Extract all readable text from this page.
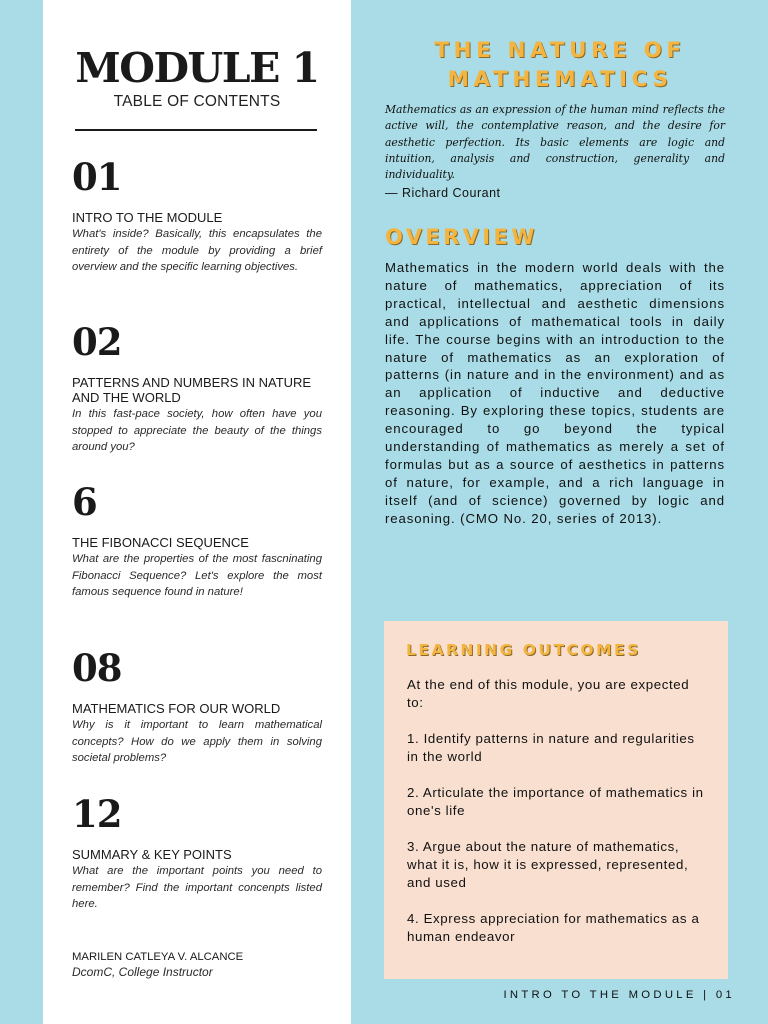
MODULE 1
TABLE OF CONTENTS
01
INTRO TO THE MODULE
What's inside? Basically, this encapsulates the entirety of the module by providing a brief overview and the specific learning objectives.
02
PATTERNS AND NUMBERS IN NATURE AND THE WORLD
In this fast-pace society, how often have you stopped to appreciate the beauty of the things around you?
6
THE FIBONACCI SEQUENCE
What are the properties of the most fascninating Fibonacci Sequence? Let's explore the most famous sequence found in nature!
08
MATHEMATICS FOR OUR WORLD
Why is it important to learn mathematical concepts? How do we apply them in solving societal problems?
12
SUMMARY & KEY POINTS
What are the important points you need to remember? Find the important concenpts listed here.
MARILEN CATLEYA V. ALCANCE
DcomC, College Instructor
THE NATURE OF
MATHEMATICS
Mathematics as an expression of the human mind reflects the active will, the contemplative reason, and the desire for aesthetic perfection. Its basic elements are logic and intuition, analysis and construction, generality and individuality.
— Richard Courant
OVERVIEW
Mathematics in the modern world deals with the nature of mathematics, appreciation of its practical, intellectual and aesthetic dimensions and applications of mathematical tools in daily life. The course begins with an introduction to the nature of mathematics as an exploration of patterns (in nature and in the environment) and as an application of inductive and deductive reasoning. By exploring these topics, students are encouraged to go beyond the typical understanding of mathematics as merely a set of formulas but as a source of aesthetics in patterns of nature, for example, and a rich language in itself (and of science) governed by logic and reasoning. (CMO No. 20, series of 2013).
LEARNING OUTCOMES
At the end of this module, you are expected to:
1. Identify patterns in nature and regularities in the world
2. Articulate the importance of mathematics in one's life
3. Argue about the nature of mathematics, what it is, how it is expressed, represented, and used
4. Express appreciation for mathematics as a human endeavor
INTRO TO THE MODULE | 01
